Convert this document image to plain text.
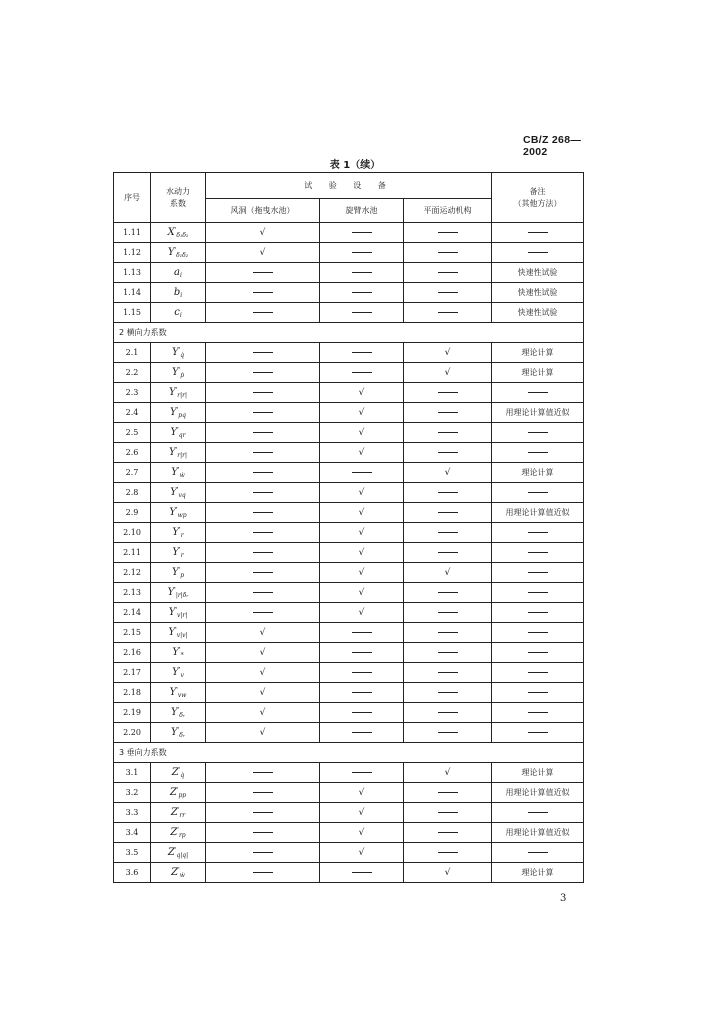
CB/Z 268—2002
表 1（续）
序号	水动力
系数	试 验 设 备			备注
（其他方法）
		风洞（拖曳水池）	旋臂水池	平面运动机构	
1.11	$X'_{\delta_1\delta_2}$	√			
1.12	$Y'_{\delta_1\delta_2}$	√			
1.13	$a_i$				快速性试验
1.14	$b_i$				快速性试验
1.15	$c_i$				快速性试验
2 横向力系数					
2.1	$Y'_{q̇}$			√	理论计算
2.2	$Y'_ṗ$			√	理论计算
2.3	$Y'_{r|r|}$		√		
2.4	$Y'_{pq}$		√		用理论计算值近似
2.5	$Y'_{qr}$		√		
2.6	$Y'_{r|r|}$		√		
2.7	$Y'_ẇ$			√	理论计算
2.8	$Y'_{vq}$		√		
2.9	$Y'_{wp}$		√		用理论计算值近似
2.10	$Y'_r$		√		
2.11	$Y'_r$		√		
2.12	$Y'_p$		√	√	
2.13	$Y'_{|r|\delta ᵣ}$		√		
2.14	$Y'_{v|r|}$		√		
2.15	$Y'_{v|v|}$	√			
2.16	$Y'_*$	√			
2.17	$Y'_v$	√			
2.18	$Y'_{vw}$	√			
2.19	$Y'_{\delta ᵣ}$	√			
2.20	$Y'_{\delta ᵣ}$	√			
3 垂向力系数					
3.1	$Z'_{q̇}$			√	理论计算
3.2	$Z'_{pp}$		√		用理论计算值近似
3.3	$Z'_{rr}$		√		
3.4	$Z'_{rp}$		√		用理论计算值近似
3.5	$Z'_{q|q|}$		√		
3.6	$Z'_ẇ$			√	理论计算
3
